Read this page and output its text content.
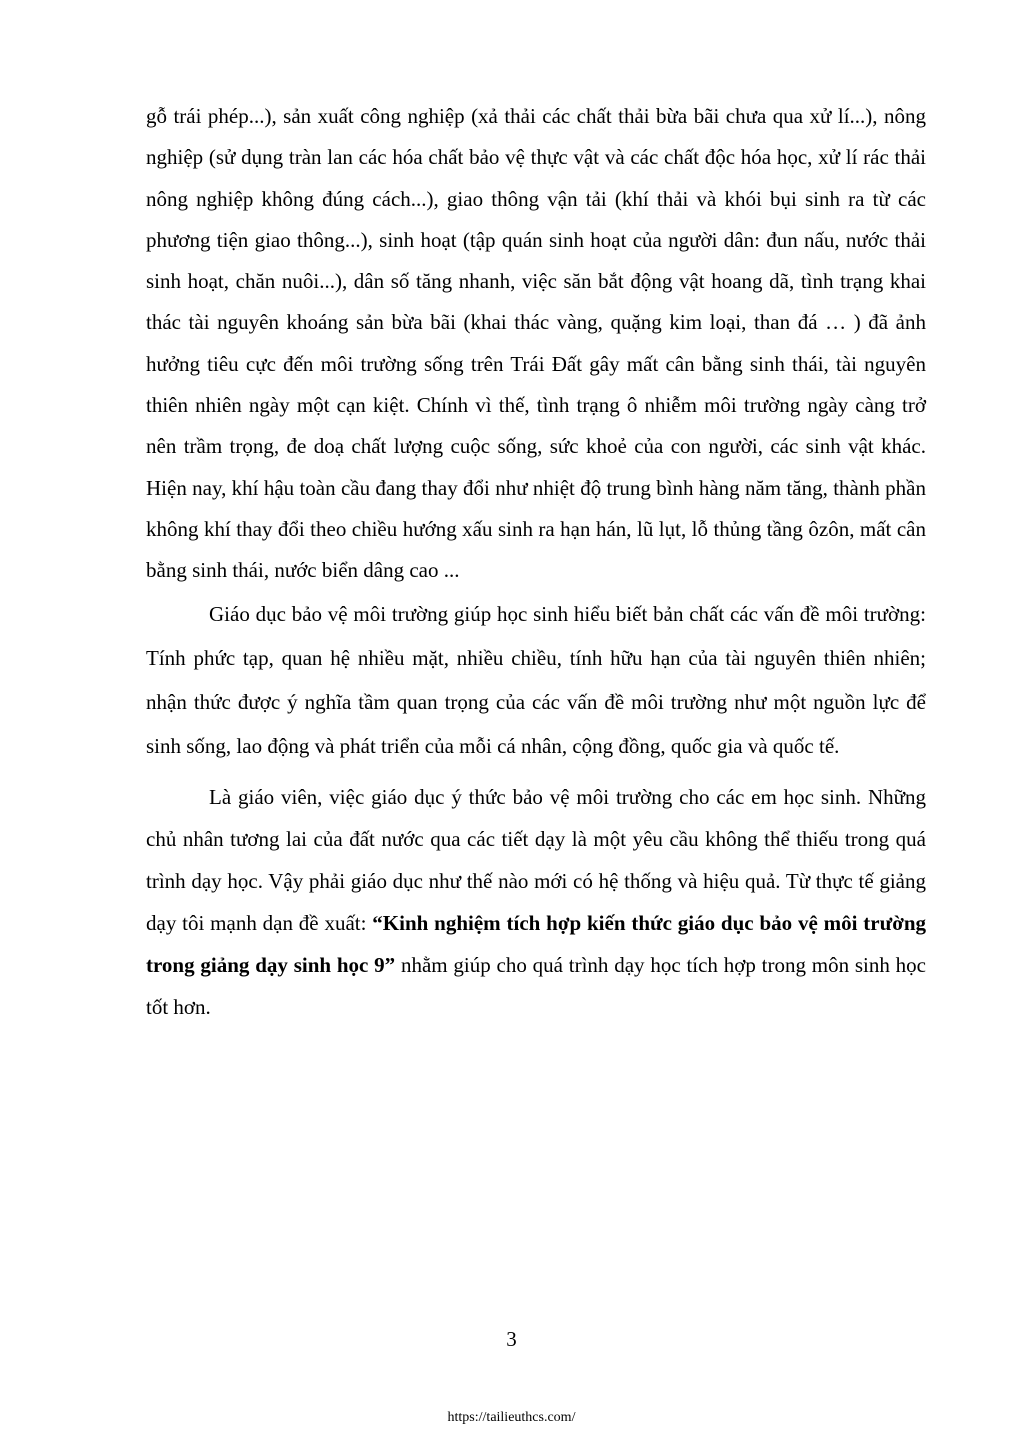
gỗ trái phép...), sản xuất công nghiệp (xả thải các chất thải bừa bãi chưa qua xử lí...), nông nghiệp (sử dụng tràn lan các hóa chất bảo vệ thực vật và các chất độc hóa học, xử lí rác thải nông nghiệp không đúng cách...), giao thông vận tải (khí thải và khói bụi sinh ra từ các phương tiện giao thông...), sinh hoạt (tập quán sinh hoạt của người dân: đun nấu, nước thải sinh hoạt, chăn nuôi...), dân số tăng nhanh, việc săn bắt động vật hoang dã, tình trạng khai thác tài nguyên khoáng sản bừa bãi (khai thác vàng, quặng kim loại, than đá … ) đã ảnh hưởng tiêu cực đến môi trường sống trên Trái Đất gây mất cân bằng sinh thái, tài nguyên thiên nhiên ngày một cạn kiệt. Chính vì thế, tình trạng ô nhiễm môi trường ngày càng trở nên trầm trọng, đe doạ chất lượng cuộc sống, sức khoẻ của con người, các sinh vật khác. Hiện nay, khí hậu toàn cầu đang thay đổi như nhiệt độ trung bình hàng năm tăng, thành phần không khí thay đổi theo chiều hướng xấu sinh ra hạn hán, lũ lụt, lỗ thủng tầng ôzôn, mất cân bằng sinh thái, nước biển dâng cao ...

Giáo dục bảo vệ môi trường giúp học sinh hiểu biết bản chất các vấn đề môi trường: Tính phức tạp, quan hệ nhiều mặt, nhiều chiều, tính hữu hạn của tài nguyên thiên nhiên; nhận thức được ý nghĩa tầm quan trọng của các vấn đề môi trường như một nguồn lực để sinh sống, lao động và phát triển của mỗi cá nhân, cộng đồng, quốc gia và quốc tế.

Là giáo viên, việc giáo dục ý thức bảo vệ môi trường cho các em học sinh. Những chủ nhân tương lai của đất nước qua các tiết dạy là một yêu cầu không thể thiếu trong quá trình dạy học. Vậy phải giáo dục như thế nào mới có hệ thống và hiệu quả. Từ thực tế giảng dạy tôi mạnh dạn đề xuất: “Kinh nghiệm tích hợp kiến thức giáo dục bảo vệ môi trường trong giảng dạy sinh học 9” nhằm giúp cho quá trình dạy học tích hợp trong môn sinh học tốt hơn.

3
https://tailieuthcs.com/
